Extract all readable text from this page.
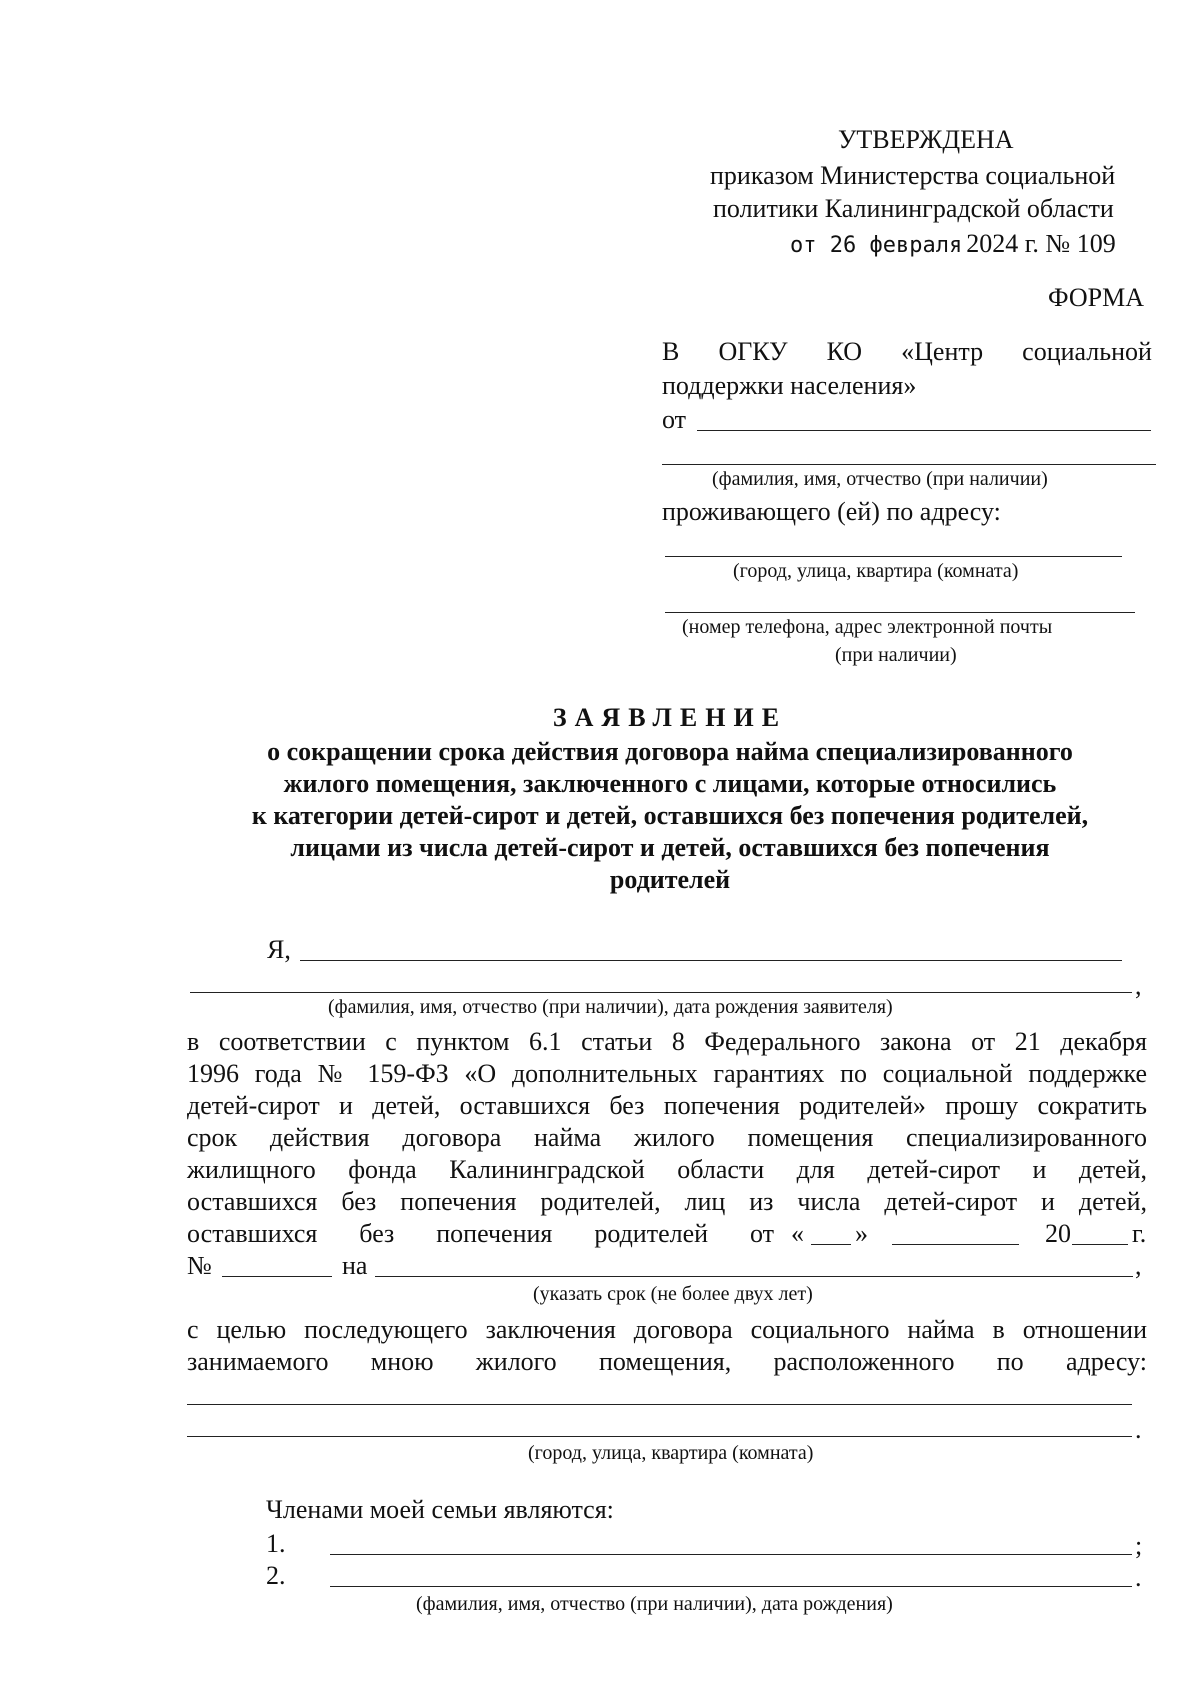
УТВЕРЖДЕНА
приказом Министерства социальной
политики Калининградской области
от 26 февраля 2024 г. № 109
ФОРМА
В ОГКУ КО «Центр социальной
поддержки населения»
от
(фамилия, имя, отчество (при наличии)
проживающего (ей) по адресу:
(город, улица, квартира (комната)
(номер телефона, адрес электронной почты
(при наличии)
ЗАЯВЛЕНИЕ
о сокращении срока действия договора найма специализированного
жилого помещения, заключенного с лицами, которые относились
к категории детей-сирот и детей, оставшихся без попечения родителей,
лицами из числа детей-сирот и детей, оставшихся без попечения
родителей
Я,
,
(фамилия, имя, отчество (при наличии), дата рождения заявителя)
в соответствии с пунктом 6.1 статьи 8 Федерального закона от 21 декабря
1996 года № 159-ФЗ «О дополнительных гарантиях по социальной поддержке
детей-сирот и детей, оставшихся без попечения родителей» прошу сократить
срок действия договора найма жилого помещения специализированного
жилищного фонда Калининградской области для детей-сирот и детей,
оставшихся без попечения родителей, лиц из числа детей-сирот и детей,
оставшихся без попечения родителей от « »	20 г.
№	на	,
(указать срок (не более двух лет)
с целью последующего заключения договора социального найма в отношении
занимаемого мною жилого помещения, расположенного по адресу:
.
(город, улица, квартира (комната)
Членами моей семьи являются:
1.	;
2.	.
(фамилия, имя, отчество (при наличии), дата рождения)
